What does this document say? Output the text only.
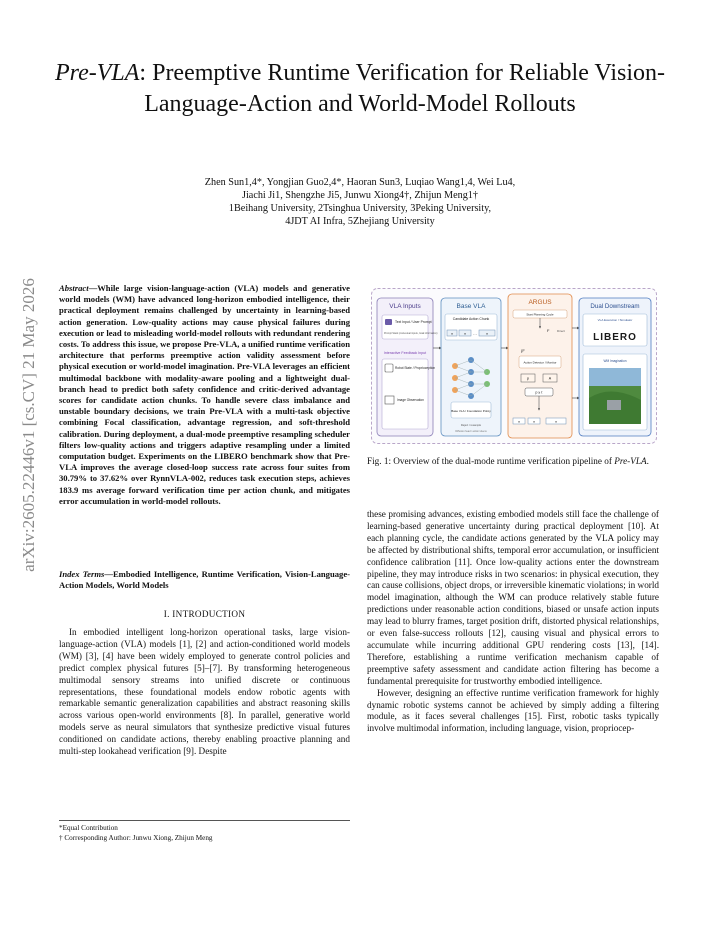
Pre-VLA: Preemptive Runtime Verification for Reliable Vision-Language-Action and World-Model Rollouts
Zhen Sun1,4*, Yongjian Guo2,4*, Haoran Sun3, Luqiao Wang1,4, Wei Lu4,
Jiachi Ji1, Shengzhe Ji5, Junwu Xiong4†, Zhijun Meng1†
1Beihang University, 2Tsinghua University, 3Peking University,
4JDT AI Infra, 5Zhejiang University
arXiv:2605.22446v1 [cs.CV] 21 May 2026 Abstract—While large vision-language-action (VLA) models and generative world models (WM) have advanced long-horizon embodied intelligence, their practical deployment remains challenged by uncertainty in learning-based action generation. Low-quality actions may cause physical failures during execution or lead to misleading world-model rollouts with redundant rendering costs. To address this issue, we propose Pre-VLA, a unified runtime verification architecture that performs preemptive action validity assessment before physical execution or world-model imagination. Pre-VLA leverages an efficient multimodal backbone with modality-aware pooling and a lightweight dual-branch head to predict both safety confidence and critic-derived advantage scores for candidate action chunks. To handle severe class imbalance and unstable boundary decisions, we train Pre-VLA with a multi-task objective combining Focal classification, advantage regression, and soft-threshold calibration. During deployment, a dual-mode preemptive resampling scheduler filters low-quality actions and triggers adaptive resampling under a limited computation budget. Experiments on the LIBERO benchmark show that Pre-VLA improves the average closed-loop success rate across four suites from 30.79% to 37.62% over RynnVLA-002, reduces task execution steps, achieves 183.9 ms average forward verification time per action chunk, and mitigates error accumulation in world-model rollouts.
Index Terms—Embodied Intelligence, Runtime Verification, Vision-Language-Action Models, World Models
I. INTRODUCTION

In embodied intelligent long-horizon operational tasks, large vision-language-action (VLA) models [1], [2] and action-conditioned world models (WM) [3], [4] have been widely employed to generate control policies and predict complex physical futures [5]–[7]. By transforming heterogeneous multimodal sensory streams into unified discrete or continuous representations, these foundational models endow robotic agents with remarkable semantic generalization capabilities and abstract reasoning skills across various open-world environments [8]. In parallel, generative world models serve as neural simulators that synthesize predictive visual futures conditioned on candidate actions, thereby enabling proactive planning and multi-step lookahead verification [9]. Despite

*Equal Contribution
† Corresponding Author: Junwu Xiong, Zhijun Meng
VLA Inputs
Text Input / User Prompt
Prompt Stack (contextual inputs, Goal information)
Interactive Feedback Input
Robot State / Proprioception
Image Observation
Base VLA
Candidate Action Chunk
a	a …	a
Base VLA / Foundation Policy
Reject / resample
Diffusion head / action tokens
ARGUS
Start Planning Cycle
F	Direct
{F
Action Detector / Monitor
p	A
p ≥ τ
a	a	a
Dual Downstream
VLA Execution / Simulator
LIBERO
WM Imagination
Fig. 1: Overview of the dual-mode runtime verification pipeline of Pre-VLA.

these promising advances, existing embodied models still face the challenge of learning-based generative uncertainty during practical deployment [10]. At each planning cycle, the candidate actions generated by the VLA policy may be affected by distributional shifts, temporal error accumulation, or insufficient confidence calibration [11]. Once low-quality actions enter the downstream pipeline, they may introduce risks in two scenarios: in physical execution, they can cause collisions, object drops, or irreversible kinematic violations; in world model imagination, although the WM can produce relatively stable future predictions under reasonable action conditions, biased or unsafe action inputs may lead to blurry frames, target position drift, distorted physical relationships, or even false-success rollouts [12], causing visual and physical errors to accumulate while incurring additional GPU rendering costs [13], [14]. Therefore, establishing a runtime verification mechanism capable of preemptive safety assessment and candidate action filtering has become a fundamental prerequisite for trustworthy embodied intelligence.

However, designing an effective runtime verification framework for highly dynamic robotic systems cannot be achieved by simply adding a filtering module, as it faces several challenges [15]. First, robotic tasks typically involve multimodal information, including language, vision, propriocep-
